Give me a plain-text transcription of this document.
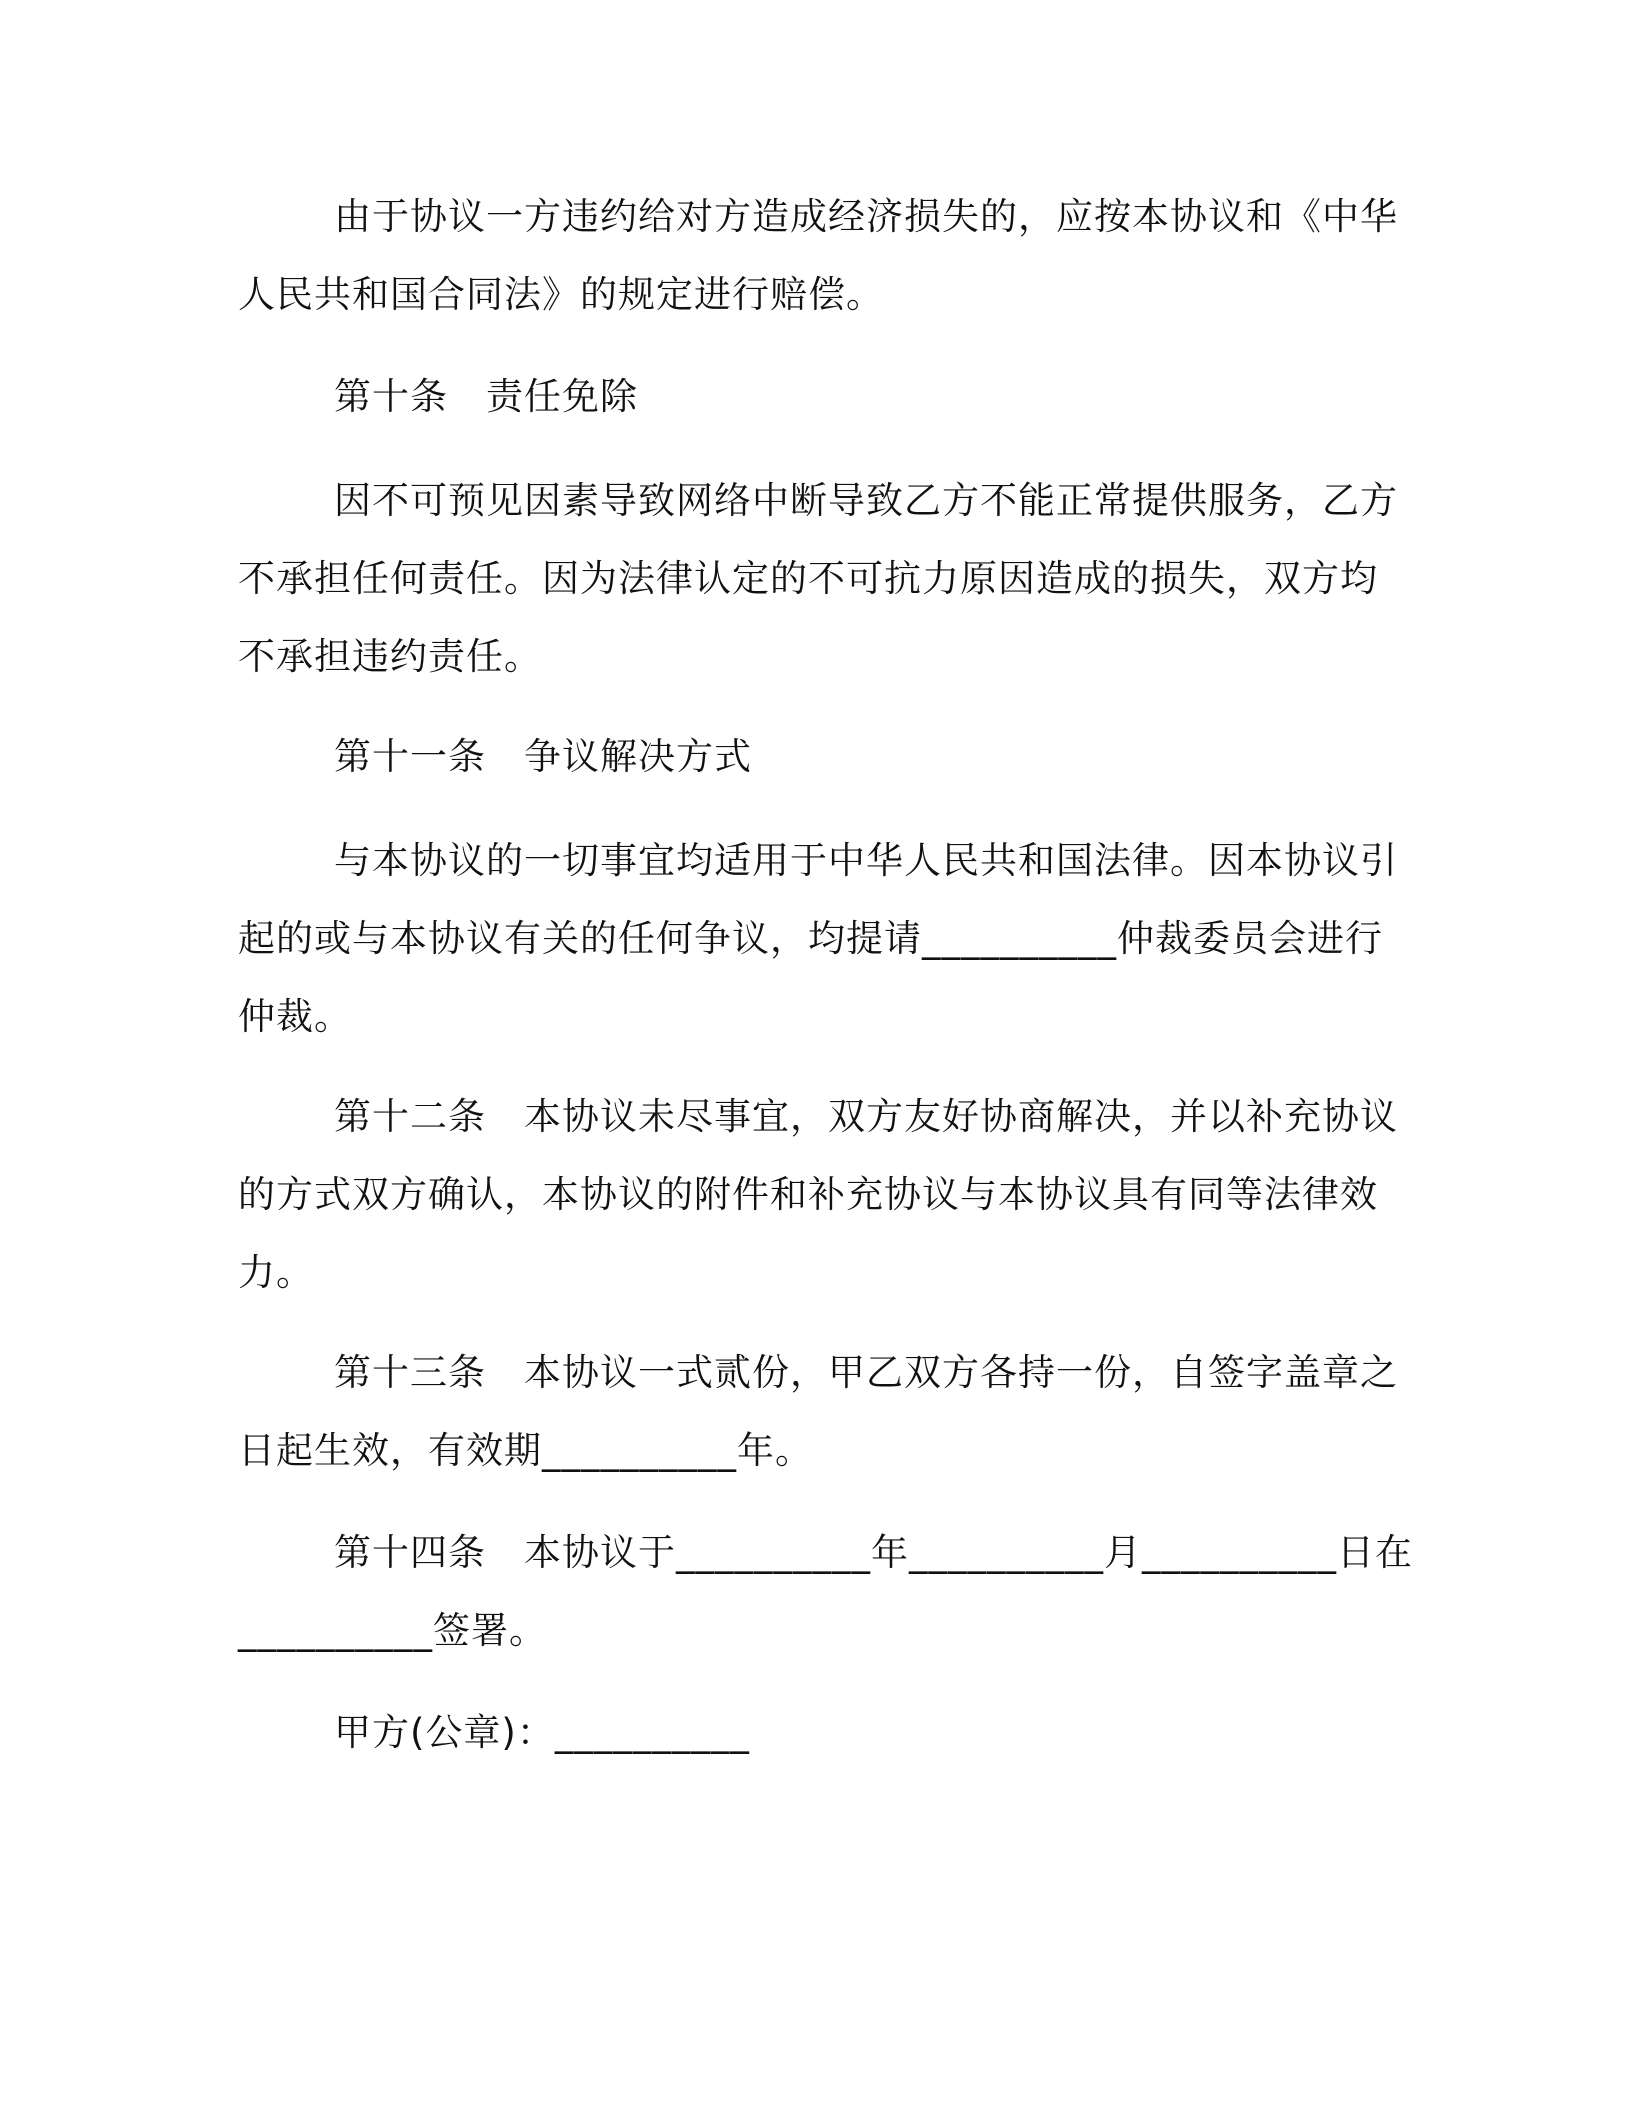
由于协议一方违约给对方造成经济损失的，应按本协议和《中华
人民共和国合同法》的规定进行赔偿。
第十条 责任免除
因不可预见因素导致网络中断导致乙方不能正常提供服务，乙方
不承担任何责任。因为法律认定的不可抗力原因造成的损失，双方均
不承担违约责任。
第十一条 争议解决方式
与本协议的一切事宜均适用于中华人民共和国法律。因本协议引
起的或与本协议有关的任何争议，均提请__________仲裁委员会进行
仲裁。
第十二条 本协议未尽事宜，双方友好协商解决，并以补充协议
的方式双方确认，本协议的附件和补充协议与本协议具有同等法律效
力。
第十三条 本协议一式贰份，甲乙双方各持一份，自签字盖章之
日起生效，有效期__________年。
第十四条 本协议于__________年__________月__________日在
__________签署。
甲方(公章)：__________
